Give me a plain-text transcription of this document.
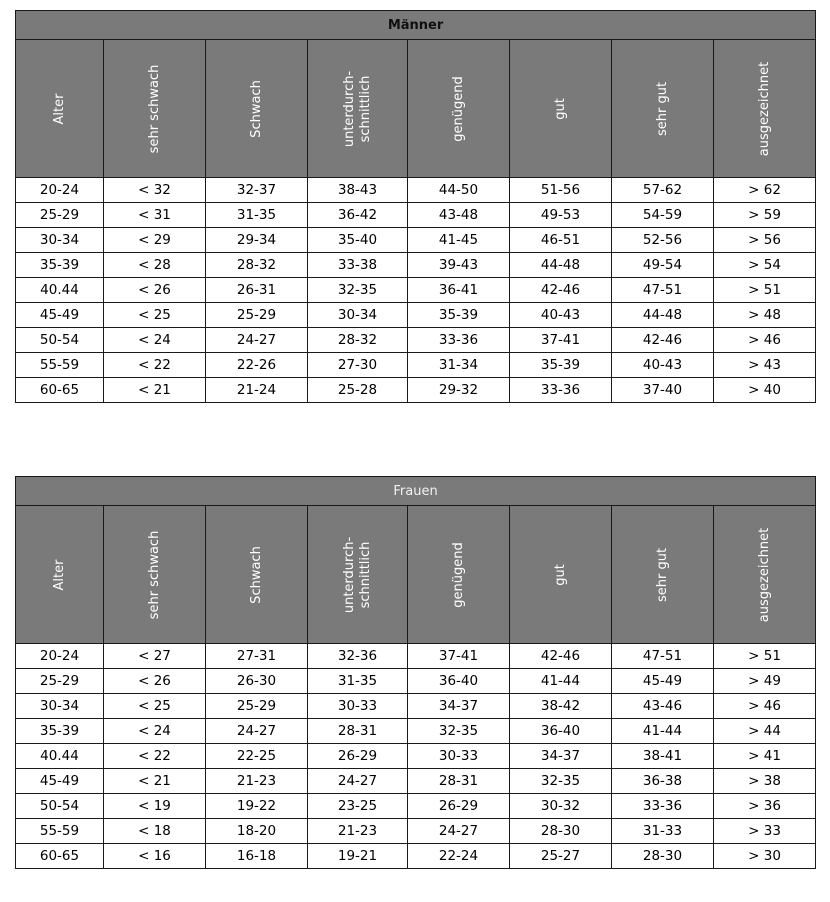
Männer							

Alter	sehr schwach	Schwach	unterdurch-
schnittlich	genügend	gut	sehr gut	ausgezeichnet

20-24	< 32	32-37	38-43	44-50	51-56	57-62	> 62
25-29	< 31	31-35	36-42	43-48	49-53	54-59	> 59
30-34	< 29	29-34	35-40	41-45	46-51	52-56	> 56
35-39	< 28	28-32	33-38	39-43	44-48	49-54	> 54
40.44	< 26	26-31	32-35	36-41	42-46	47-51	> 51
45-49	< 25	25-29	30-34	35-39	40-43	44-48	> 48
50-54	< 24	24-27	28-32	33-36	37-41	42-46	> 46
55-59	< 22	22-26	27-30	31-34	35-39	40-43	> 43
60-65	< 21	21-24	25-28	29-32	33-36	37-40	> 40
Frauen							

Alter	sehr schwach	Schwach	unterdurch-
schnittlich	genügend	gut	sehr gut	ausgezeichnet

20-24	< 27	27-31	32-36	37-41	42-46	47-51	> 51
25-29	< 26	26-30	31-35	36-40	41-44	45-49	> 49
30-34	< 25	25-29	30-33	34-37	38-42	43-46	> 46
35-39	< 24	24-27	28-31	32-35	36-40	41-44	> 44
40.44	< 22	22-25	26-29	30-33	34-37	38-41	> 41
45-49	< 21	21-23	24-27	28-31	32-35	36-38	> 38
50-54	< 19	19-22	23-25	26-29	30-32	33-36	> 36
55-59	< 18	18-20	21-23	24-27	28-30	31-33	> 33
60-65	< 16	16-18	19-21	22-24	25-27	28-30	> 30
